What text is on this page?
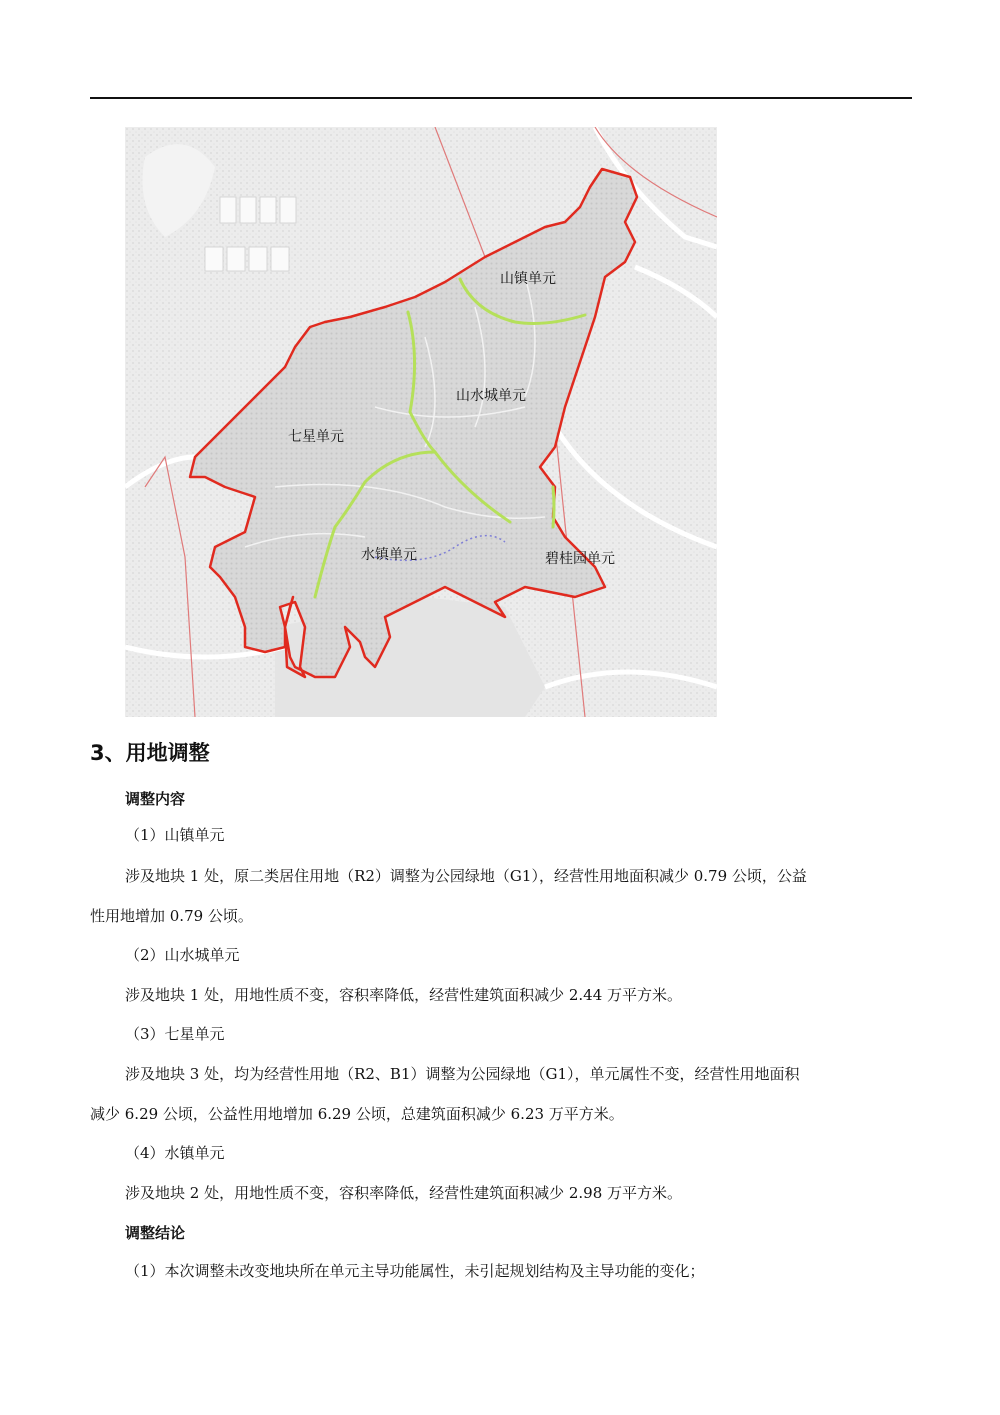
山镇单元
山水城单元
七星单元
水镇单元	碧桂园单元
3、用地调整
调整内容
（1）山镇单元
涉及地块 1 处，原二类居住用地（R2）调整为公园绿地（G1），经营性用地面积减少 0.79 公顷，公益
性用地增加 0.79 公顷。
（2）山水城单元
涉及地块 1 处，用地性质不变，容积率降低，经营性建筑面积减少 2.44 万平方米。
（3）七星单元
涉及地块 3 处，均为经营性用地（R2、B1）调整为公园绿地（G1），单元属性不变，经营性用地面积
减少 6.29 公顷，公益性用地增加 6.29 公顷，总建筑面积减少 6.23 万平方米。
（4）水镇单元
涉及地块 2 处，用地性质不变，容积率降低，经营性建筑面积减少 2.98 万平方米。
调整结论
（1）本次调整未改变地块所在单元主导功能属性，未引起规划结构及主导功能的变化；
